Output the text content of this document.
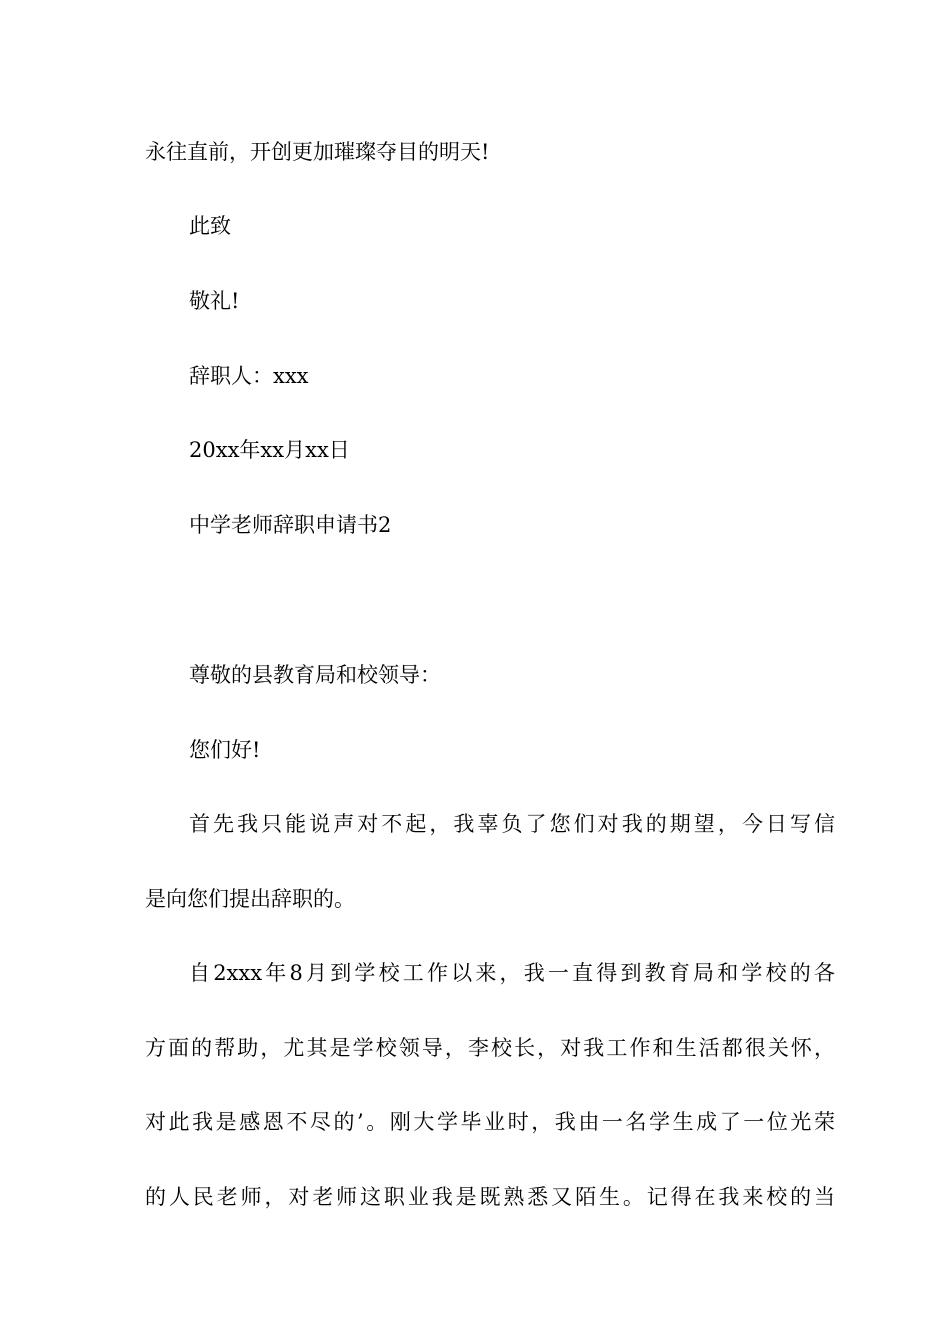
永往直前，开创更加璀璨夺目的明天!
此致
敬礼!
辞职人：xxx
20xx年xx月xx日
中学老师辞职申请书2
尊敬的县教育局和校领导：
您们好!
首先我只能说声对不起，我辜负了您们对我的期望，今日写信
是向您们提出辞职的。
自2xxx年8月到学校工作以来，我一直得到教育局和学校的各
方面的帮助，尤其是学校领导，李校长，对我工作和生活都很关怀，
对此我是感恩不尽的’。刚大学毕业时，我由一名学生成了一位光荣
的人民老师，对老师这职业我是既熟悉又陌生。记得在我来校的当
